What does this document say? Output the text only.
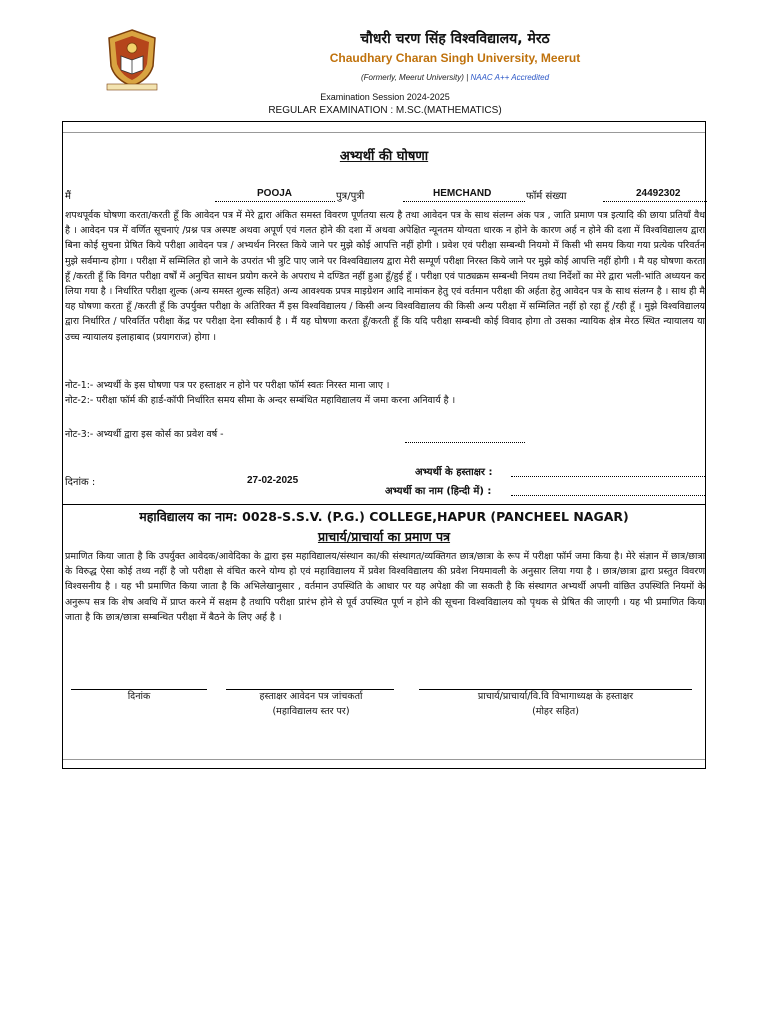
चौधरी चरण सिंह विश्वविद्यालय, मेरठ
Chaudhary Charan Singh University, Meerut
(Formerly, Meerut University) | NAAC A++ Accredited
Examination Session 2024-2025
REGULAR EXAMINATION : M.SC.(MATHEMATICS)
अभ्यर्थी की घोषणा
मैं	POOJA	पुत्र/पुत्री	HEMCHAND	फॉर्म संख्या	24492302

शपथपूर्वक घोषणा करता/करती हूँ कि आवेदन पत्र में मेरे द्वारा अंकित समस्त विवरण पूर्णतया सत्य है तथा आवेदन पत्र के साथ संलग्न अंक पत्र , जाति प्रमाण पत्र इत्यादि की छाया प्रतियाँ वैध है । आवेदन पत्र में वर्णित सूचनाएं /प्रश्न पत्र अस्पष्ट अथवा अपूर्ण एवं गलत होने की दशा में अथवा अपेक्षित न्यूनतम योग्यता धारक न होने के कारण अर्ह न होने की दशा में विश्वविद्यालय द्वारा बिना कोई सुचना प्रेषित किये परीक्षा आवेदन पत्र / अभ्यर्थन निरस्त किये जाने पर मुझे कोई आपत्ति नहीं होगी । प्रवेश एवं परीक्षा सम्बन्धी नियमो में किसी भी समय किया गया प्रत्येक परिवर्तन मुझे सर्वमान्य होगा । परीक्षा में सम्मिलित हो जाने के उपरांत भी त्रुटि पाए जाने पर विश्वविद्यालय द्वारा मेरी सम्पूर्ण परीक्षा निरस्त किये जाने पर मुझे कोई आपत्ति नहीं होगी । मै यह घोषणा करता हूँ /करती हूँ कि विगत परीक्षा वर्षों में अनुचित साधन प्रयोग करने के अपराध मे दण्डित नहीं हुआ हूँ/हुई हूँ । परीक्षा एवं पाठ्यक्रम सम्बन्धी नियम तथा निर्देशों का मेरे द्वारा भली-भांति अध्ययन कर लिया गया है । निर्धारित परीक्षा शुल्क (अन्य समस्त शुल्क सहित) अन्य आवश्यक प्रपत्र माइग्रेशन आदि नामांकन हेतु एवं वर्तमान परीक्षा की अर्हता हेतु आवेदन पत्र के साथ संलग्न है । साथ ही मै यह घोषणा करता हूँ /करती हूँ कि उपर्युक्त परीक्षा के अतिरिक्त मैं इस विश्वविद्यालय / किसी अन्य विश्वविद्यालय की किसी अन्य परीक्षा में सम्मिलित नहीं हो रहा हूँ /रही हूँ । मुझे विश्वविद्यालय द्वारा निर्धारित / परिवर्तित परीक्षा केंद्र पर परीक्षा देना स्वीकार्य है । मैं यह घोषणा करता हूँ/करती हूँ कि यदि परीक्षा सम्बन्धी कोई विवाद होगा तो उसका न्यायिक क्षेत्र मेरठ स्थित न्यायालय या उच्च न्यायालय इलाहाबाद (प्रयागराज) होगा ।

नोट-1:- अभ्यर्थी के इस घोषणा पत्र पर हस्ताक्षर न होने पर परीक्षा फॉर्म स्वतः निरस्त माना जाए ।
नोट-2:- परीक्षा फॉर्म की हार्ड-कॉपी निर्धारित समय सीमा के अन्दर सम्बंधित महाविद्यालय में जमा करना अनिवार्य है ।
नोट-3:- अभ्यर्थी द्वारा इस कोर्स का प्रवेश वर्ष -
अभ्यर्थी के हस्ताक्षर :
दिनांक :	27-02-2025
अभ्यर्थी का नाम (हिन्दी में) :
महाविद्यालय का नाम: 0028-S.S.V. (P.G.) COLLEGE,HAPUR (PANCHEEL NAGAR)
प्राचार्य/प्राचार्या का प्रमाण पत्र

प्रमाणित किया जाता है कि उपर्युक्त आवेदक/आवेदिका के द्वारा इस महाविद्यालय/संस्थान का/की संस्थागत/व्यक्तिगत छात्र/छात्रा के रूप में परीक्षा फॉर्म जमा किया है। मेरे संज्ञान में छात्र/छात्रा के विरुद्ध ऐसा कोई तथ्य नहीं है जो परीक्षा से वंचित करने योग्य हो एवं महाविद्यालय में प्रवेश विश्वविद्यालय की प्रवेश नियमावली के अनुसार लिया गया है । छात्र/छात्रा द्वारा प्रस्तुत विवरण विश्वसनीय है । यह भी प्रमाणित किया जाता है कि अभिलेखानुसार , वर्तमान उपस्थिति के आधार पर यह अपेक्षा की जा सकती है कि संस्थागत अभ्यर्थी अपनी वांछित उपस्थिति नियमों के अनुरूप सत्र कि शेष अवधि में प्राप्त करने में सक्षम है तथापि परीक्षा प्रारंभ होने से पूर्व उपस्थित पूर्ण न होने की सूचना विश्वविद्यालय को पृथक से प्रेषित की जाएगी । यह भी प्रमाणित किया जाता है कि छात्र/छात्रा सम्बन्धित परीक्षा में बैठने के लिए अर्ह है ।

दिनांक	हस्ताक्षर आवेदन पत्र जांचकर्ता
(महाविद्यालय स्तर पर)
प्राचार्य/प्राचार्या/वि.वि विभागाध्यक्ष के हस्ताक्षर
(मोहर सहित)
